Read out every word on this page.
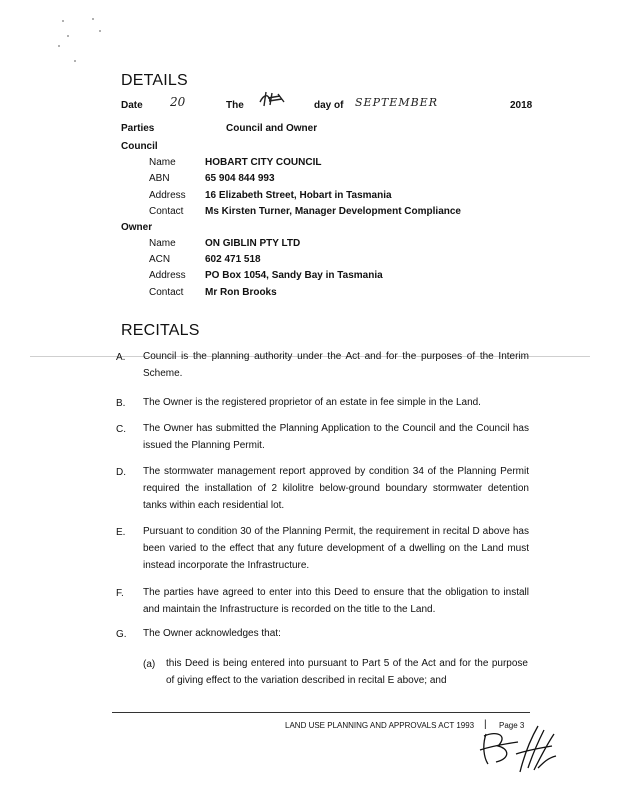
DETAILS
Date 20	The	day of SEPTEMBER	2018
Parties	Council and Owner
Council
Name	HOBART CITY COUNCIL
ABN	65 904 844 993
Address 16 Elizabeth Street, Hobart in Tasmania
Contact Ms Kirsten Turner, Manager Development Compliance
Owner
Name	ON GIBLIN PTY LTD
ACN	602 471 518
Address PO Box 1054, Sandy Bay in Tasmania
Contact Mr Ron Brooks
RECITALS
A. Council is the planning authority under the Act and for the purposes of the Interim Scheme.
B. The Owner is the registered proprietor of an estate in fee simple in the Land.
C. The Owner has submitted the Planning Application to the Council and the Council has issued the Planning Permit.
D. The stormwater management report approved by condition 34 of the Planning Permit required the installation of 2 kilolitre below-ground boundary stormwater detention tanks within each residential lot.
E. Pursuant to condition 30 of the Planning Permit, the requirement in recital D above has been varied to the effect that any future development of a dwelling on the Land must instead incorporate the Infrastructure.
F. The parties have agreed to enter into this Deed to ensure that the obligation to install and maintain the Infrastructure is recorded on the title to the Land.
G. The Owner acknowledges that:
(a) this Deed is being entered into pursuant to Part 5 of the Act and for the purpose of giving effect to the variation described in recital E above; and
LAND USE PLANNING AND APPROVALS ACT 1993 | Page 3
